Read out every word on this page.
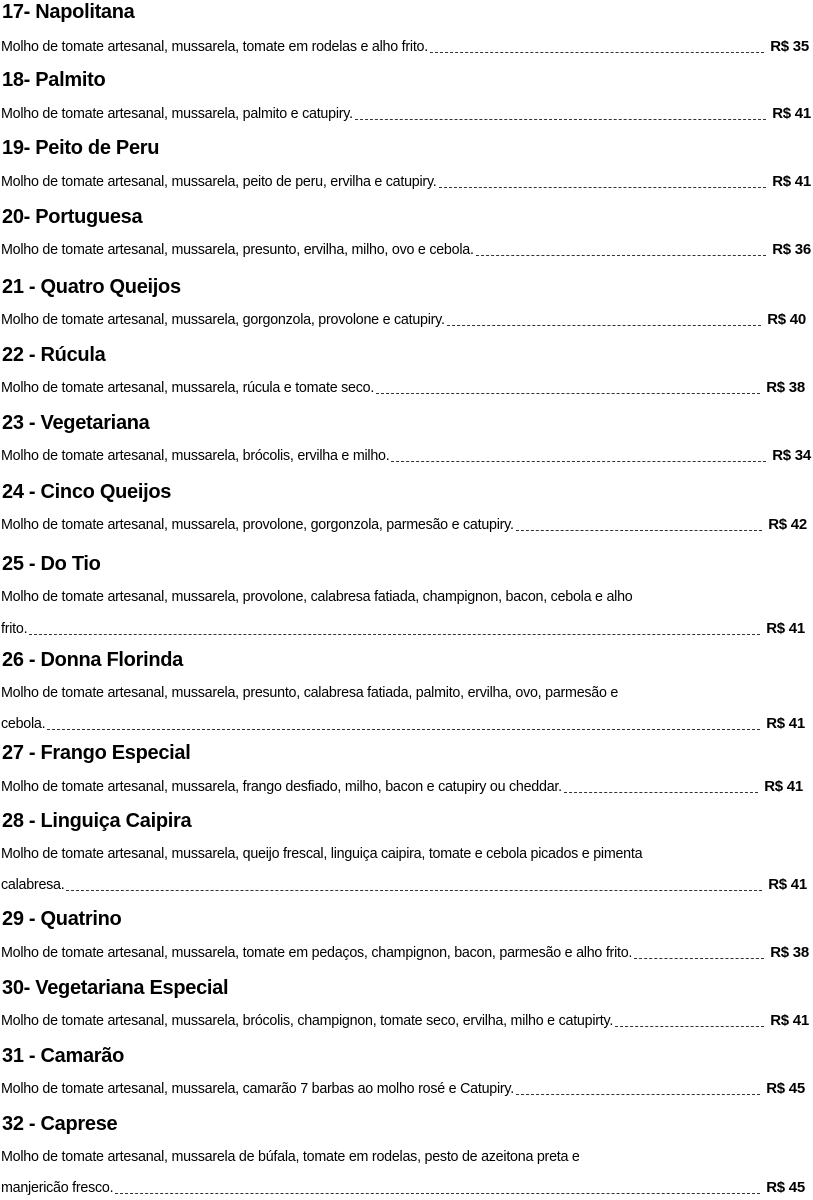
17- Napolitana
Molho de tomate artesanal, mussarela, tomate em rodelas e alho frito.	R$ 35
18- Palmito
Molho de tomate artesanal, mussarela, palmito e catupiry.	R$ 41
19- Peito de Peru
Molho de tomate artesanal, mussarela, peito de peru, ervilha e catupiry.	R$ 41
20- Portuguesa
Molho de tomate artesanal, mussarela, presunto, ervilha, milho, ovo e cebola.	R$ 36
21 - Quatro Queijos
Molho de tomate artesanal, mussarela, gorgonzola, provolone e catupiry.	R$ 40
22 - Rúcula
Molho de tomate artesanal, mussarela, rúcula e tomate seco.	R$ 38
23 - Vegetariana
Molho de tomate artesanal, mussarela, brócolis, ervilha e milho.	R$ 34
24 - Cinco Queijos
Molho de tomate artesanal, mussarela, provolone, gorgonzola, parmesão e catupiry.	R$ 42
25 - Do Tio
Molho de tomate artesanal, mussarela, provolone, calabresa fatiada, champignon, bacon, cebola e alho
frito.	R$ 41
26 - Donna Florinda
Molho de tomate artesanal, mussarela, presunto, calabresa fatiada, palmito, ervilha, ovo, parmesão e
cebola.	R$ 41
27 - Frango Especial
Molho de tomate artesanal, mussarela, frango desfiado, milho, bacon e catupiry ou cheddar.	R$ 41
28 - Linguiça Caipira
Molho de tomate artesanal, mussarela, queijo frescal, linguiça caipira, tomate e cebola picados e pimenta
calabresa.	R$ 41
29 - Quatrino
Molho de tomate artesanal, mussarela, tomate em pedaços, champignon, bacon, parmesão e alho frito.	R$ 38
30- Vegetariana Especial
Molho de tomate artesanal, mussarela, brócolis, champignon, tomate seco, ervilha, milho e catupirty.	R$ 41
31 - Camarão
Molho de tomate artesanal, mussarela, camarão 7 barbas ao molho rosé e Catupiry.	R$ 45
32 - Caprese
Molho de tomate artesanal, mussarela de búfala, tomate em rodelas, pesto de azeitona preta e
manjericão fresco.	R$ 45
